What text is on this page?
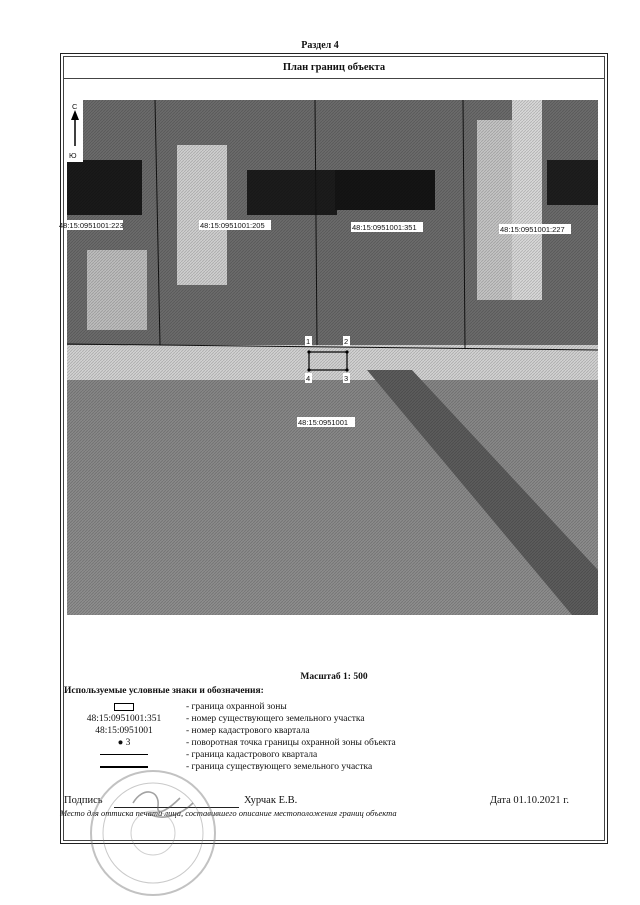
Раздел 4
План границ объекта
1	2
3
4
48:15:0951001:223	48:15:0951001:205	48:15:0951001:351	48:15:0951001:227
48:15:0951001
С
Ю
Масштаб 1: 500
Используемые условные знаки и обозначения:
- граница охранной зоны
48:15:0951001:351	- номер существующего земельного участка
48:15:0951001	- номер кадастрового квартала
● 3	- поворотная точка границы охранной зоны объекта
- граница кадастрового квартала
- граница существующего земельного участка
Подпись	Хурчак Е.В.	Дата 01.10.2021 г.
Место для оттиска печати лица, составившего описание местоположения границ объекта
